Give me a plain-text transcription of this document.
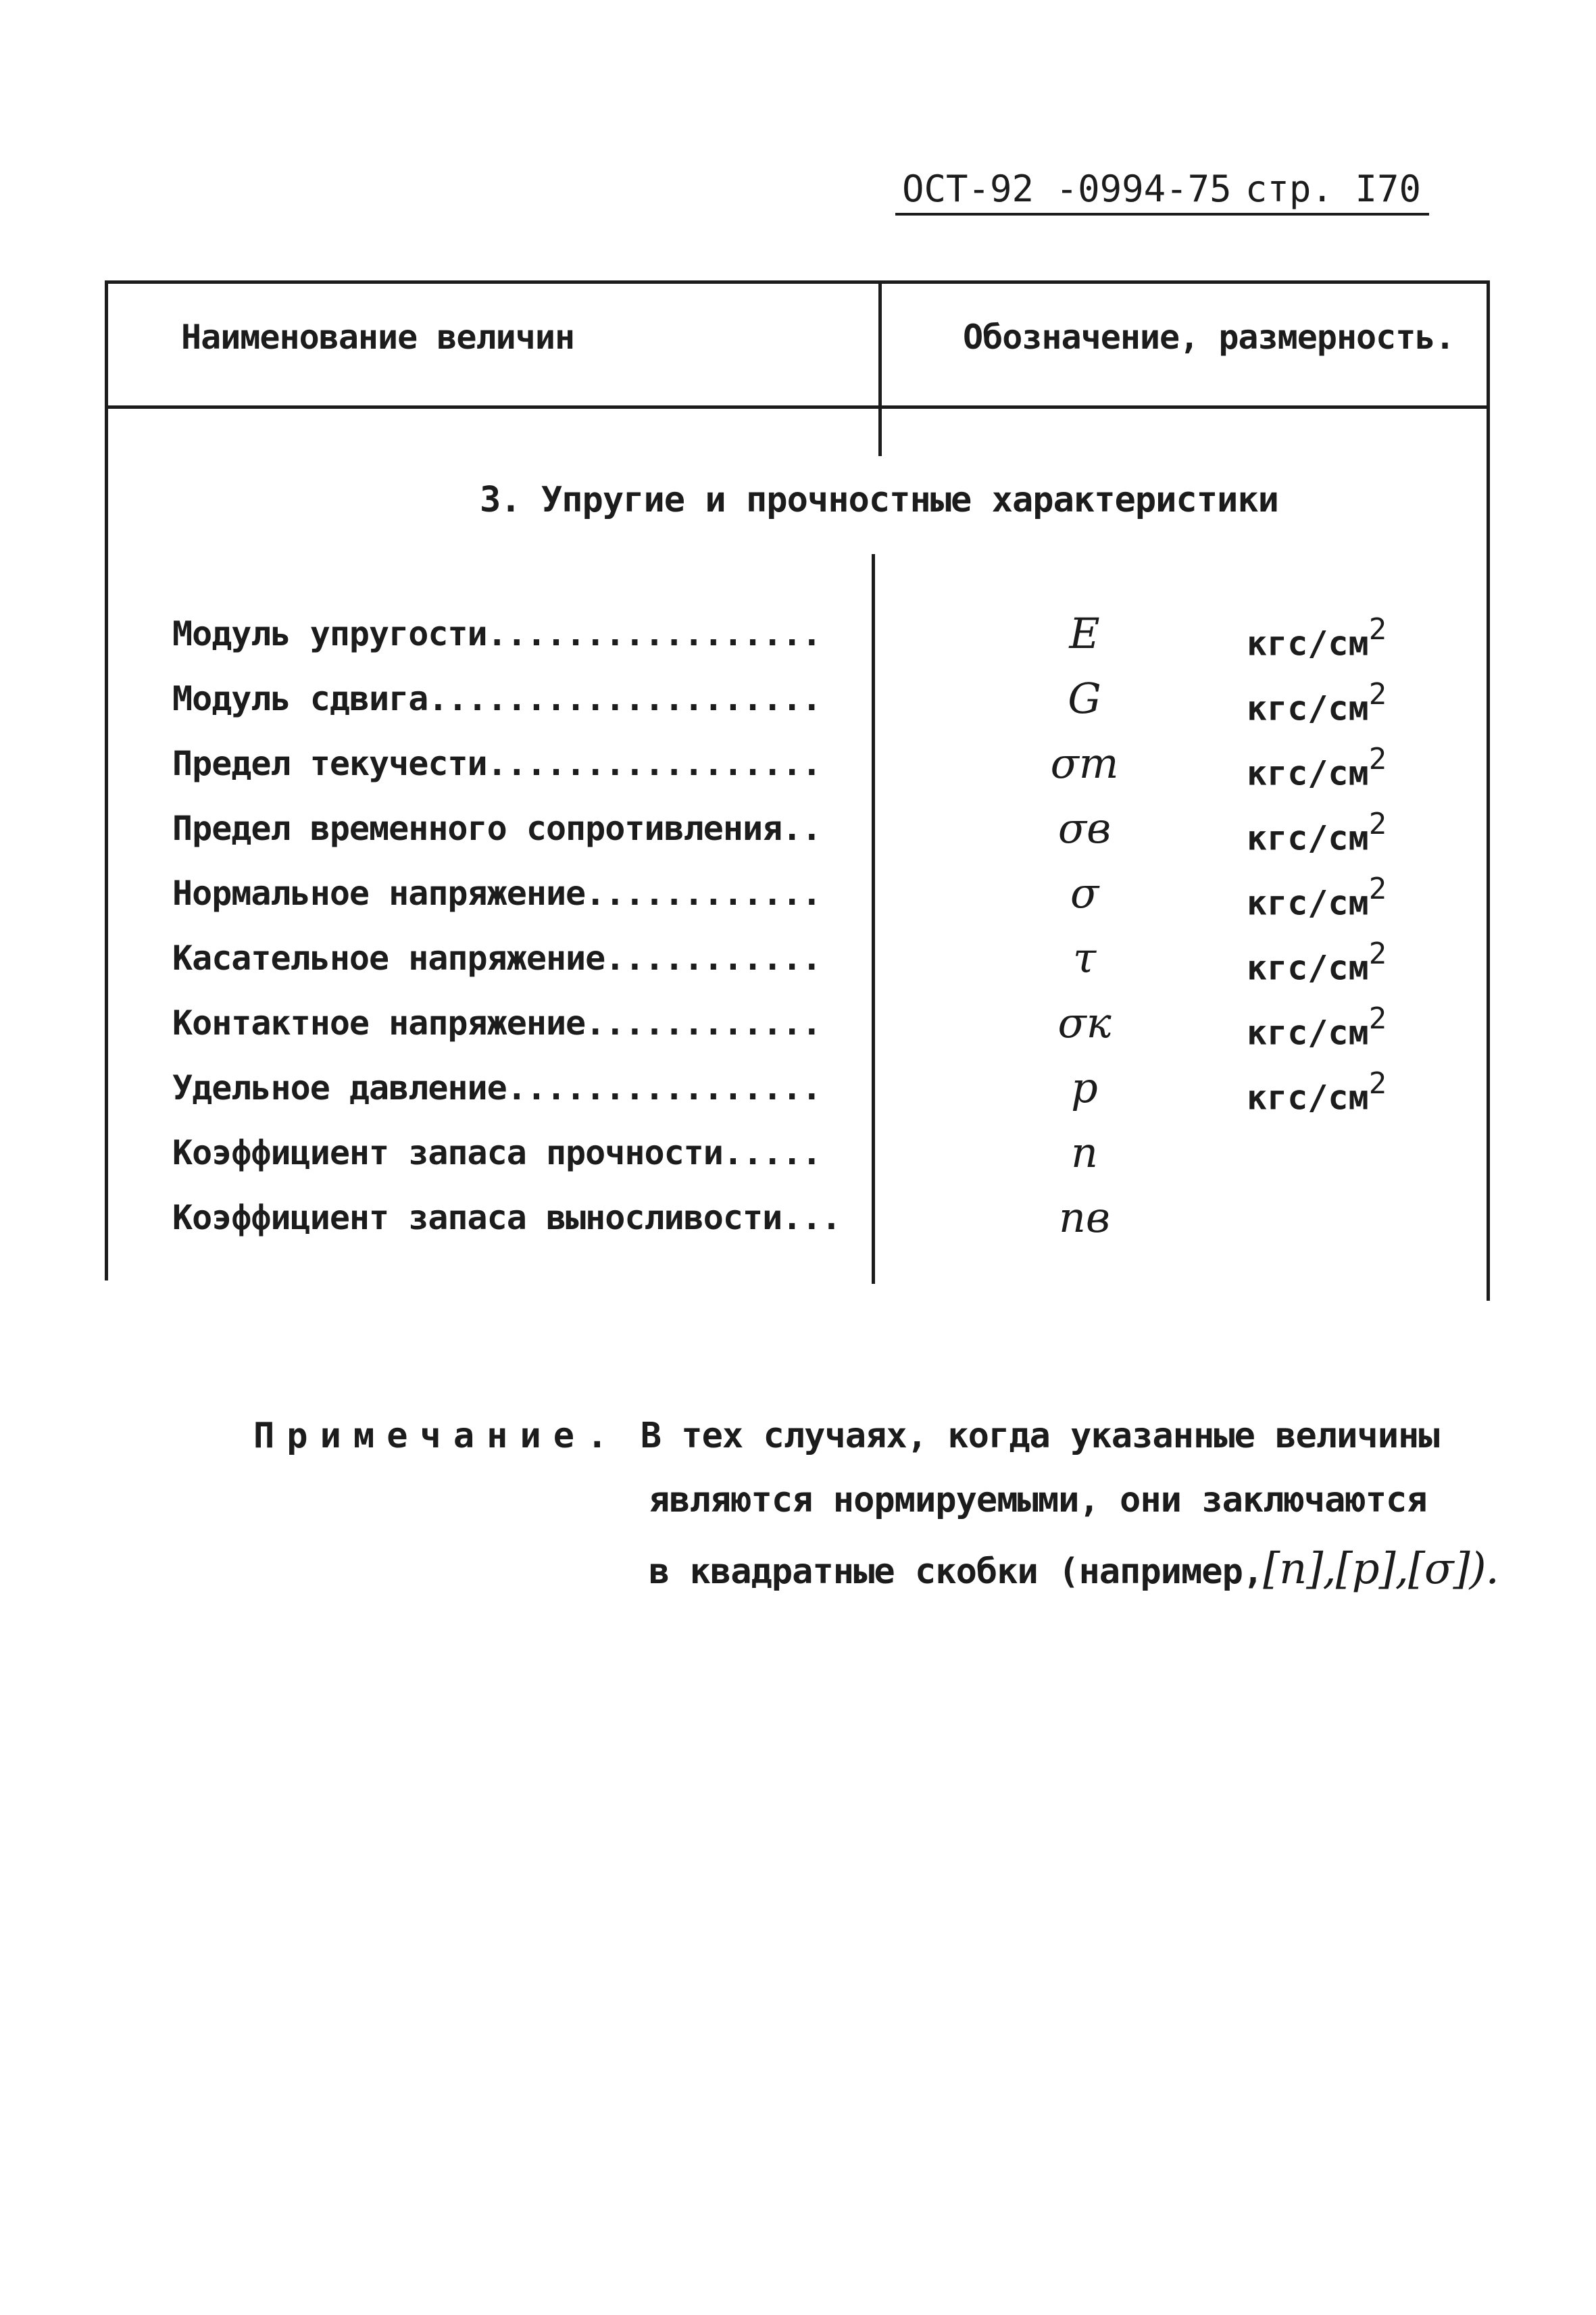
ОСТ-92 -0994-75 стр. I70
Наименование величин	Обозначение, размерность.
3. Упругие и прочностные характеристики
Модуль упругости.................	E	кгс/$см^2$
Модуль сдвига....................	G	кгс/$см^2$
Предел текучести.................	σт	кгс/$см^2$
Предел временного сопротивления..	σв	кгс/$см^2$
Нормальное напряжение............	σ	кгс/$см^2$
Касательное напряжение...........	τ	кгс/$см^2$
Контактное напряжение............	σк	кгс/$см^2$
Удельное давление................	p	кгс/$см^2$
Коэффициент запаса прочности.....	n
Коэффициент запаса выносливости...	nв
Примечание. В тех случаях, когда указанные величины
являются нормируемыми, они заключаются
в квадратные скобки (например,[n],[p],[σ]).
